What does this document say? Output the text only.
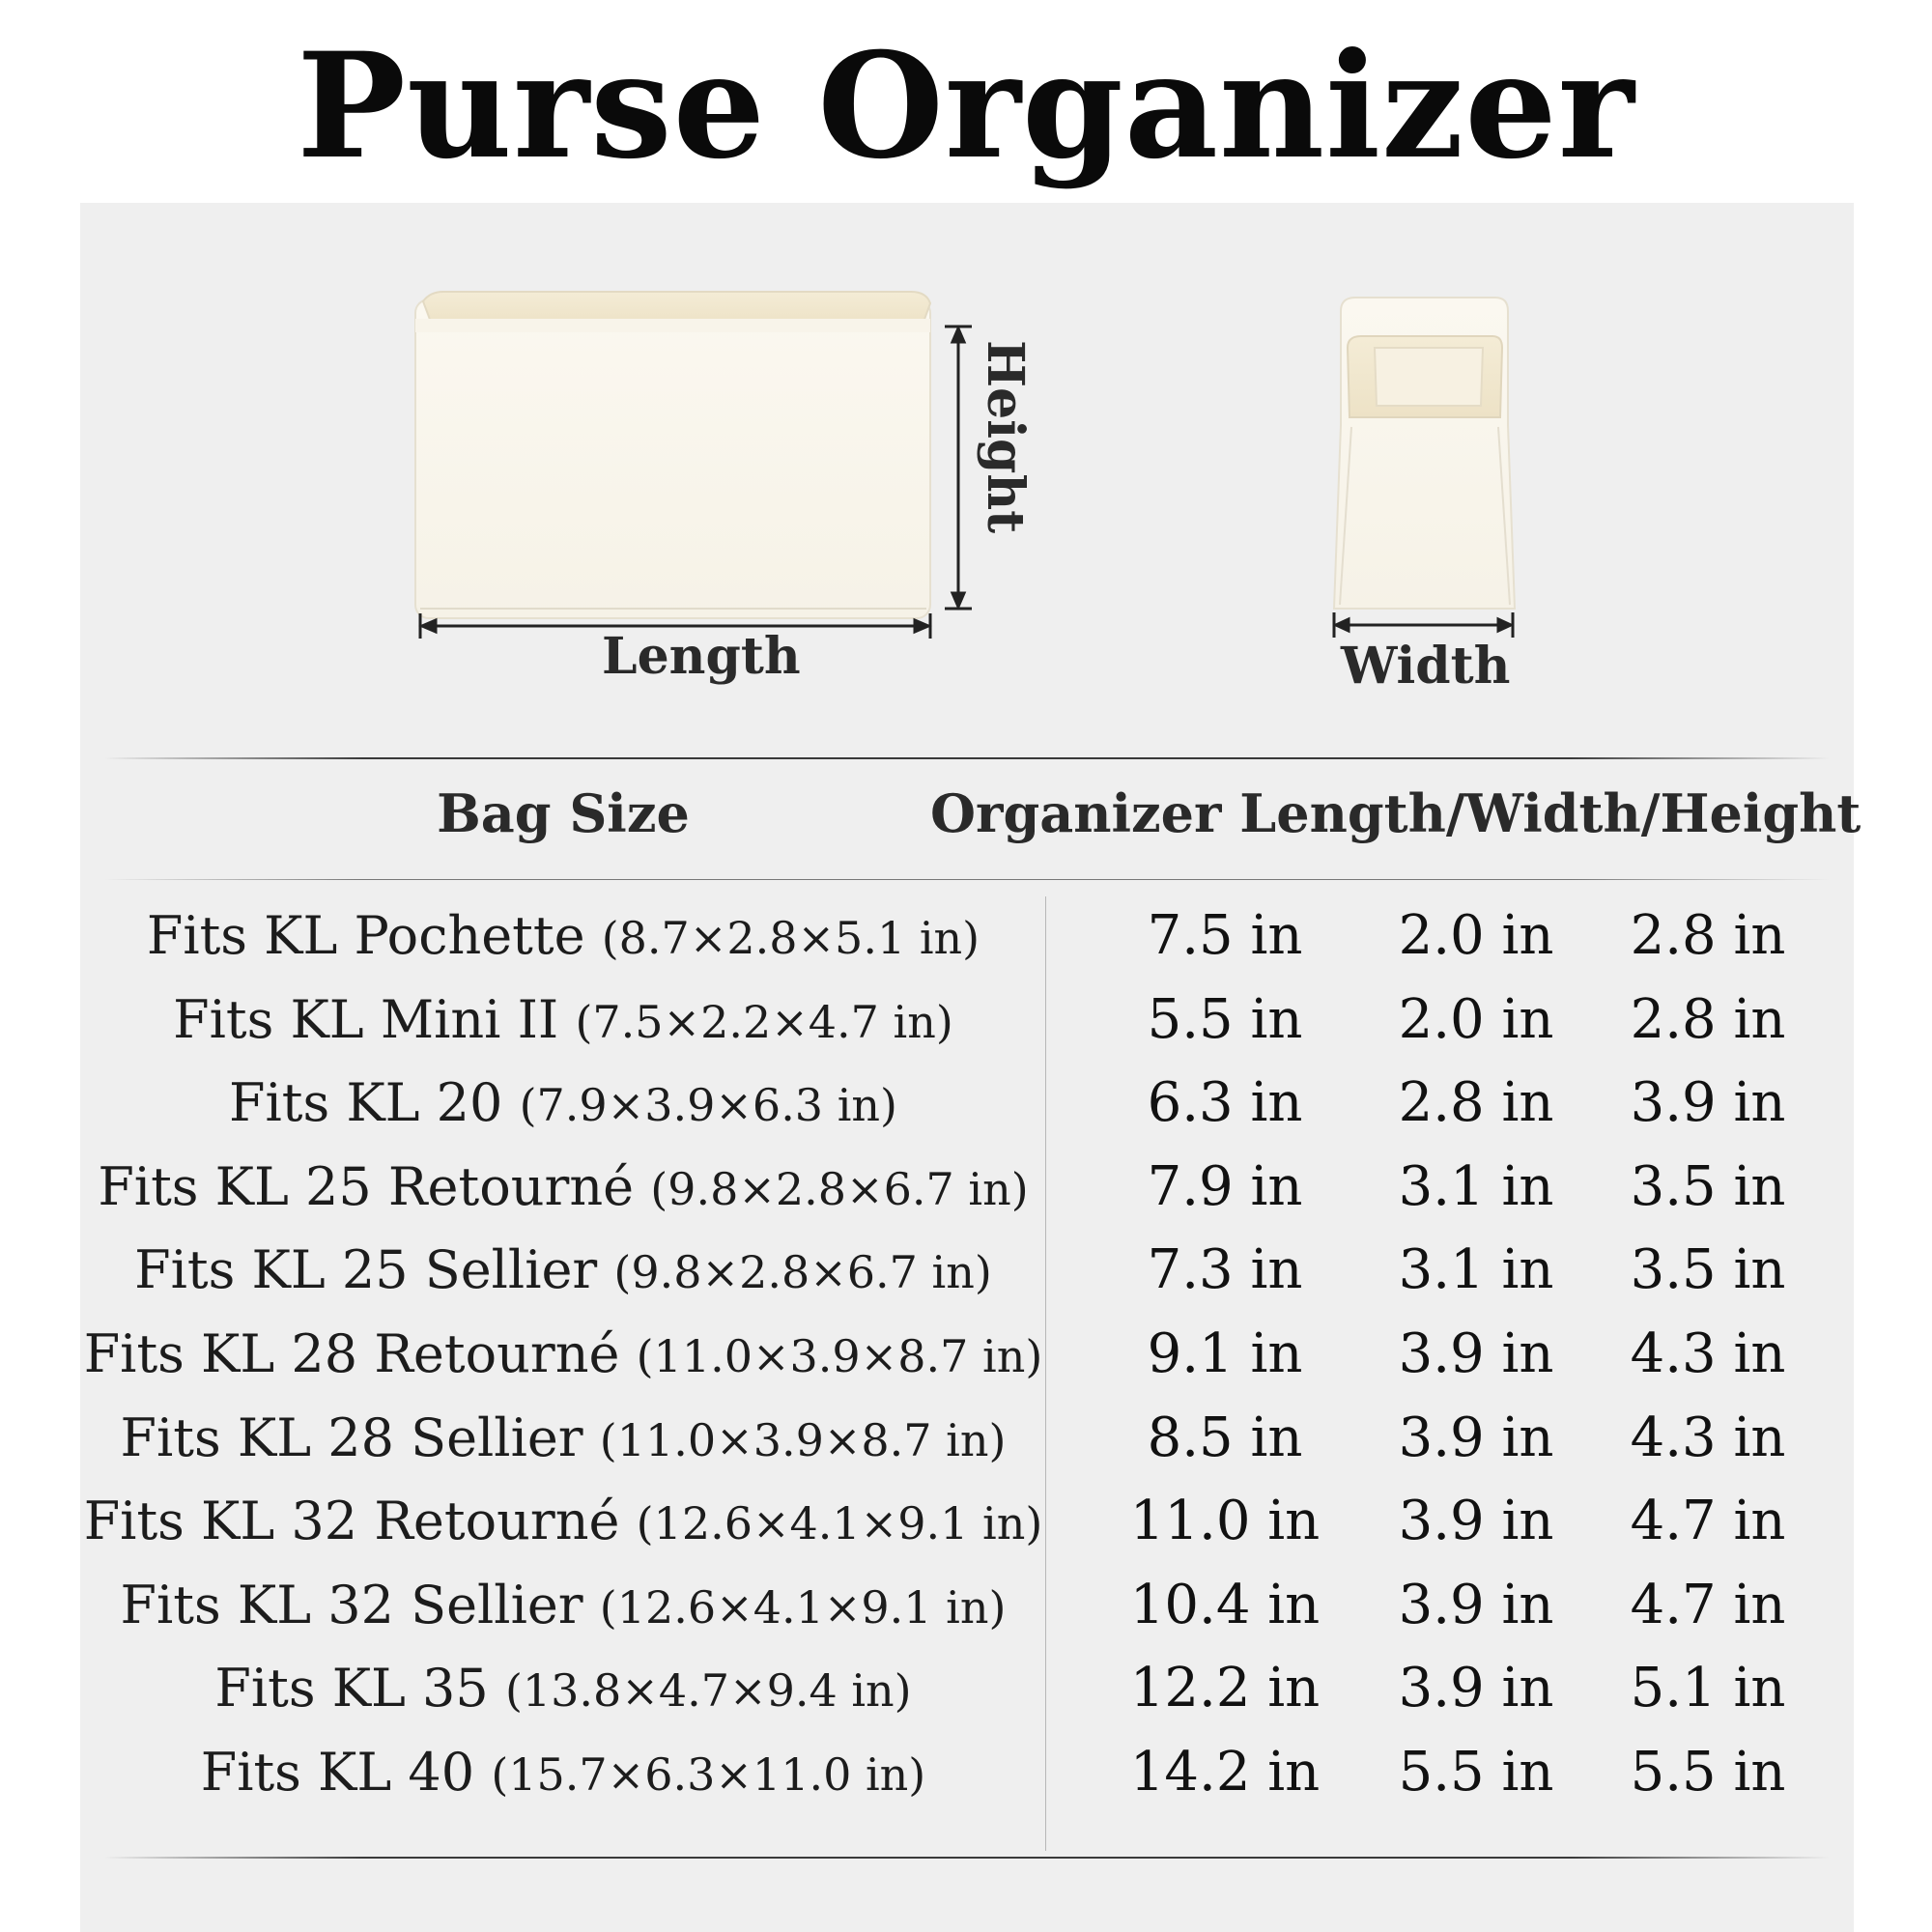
Purse Organizer
Length	Width
Height
Bag Size	Organizer Length/Width/Height
Fits KL Pochette (8.7×2.8×5.1 in)	7.5 in	2.0 in	2.8 in
Fits KL Mini II (7.5×2.2×4.7 in)	5.5 in	2.0 in	2.8 in
Fits KL 20 (7.9×3.9×6.3 in)	6.3 in	2.8 in	3.9 in
Fits KL 25 Retourné (9.8×2.8×6.7 in)	7.9 in	3.1 in	3.5 in
Fits KL 25 Sellier (9.8×2.8×6.7 in)	7.3 in	3.1 in	3.5 in
Fits KL 28 Retourné (11.0×3.9×8.7 in)	9.1 in	3.9 in	4.3 in
Fits KL 28 Sellier (11.0×3.9×8.7 in)	8.5 in	3.9 in	4.3 in
Fits KL 32 Retourné (12.6×4.1×9.1 in) 11.0 in	3.9 in	4.7 in
Fits KL 32 Sellier (12.6×4.1×9.1 in)	10.4 in	3.9 in	4.7 in
Fits KL 35 (13.8×4.7×9.4 in)	12.2 in	3.9 in	5.1 in
Fits KL 40 (15.7×6.3×11.0 in)	14.2 in	5.5 in	5.5 in
